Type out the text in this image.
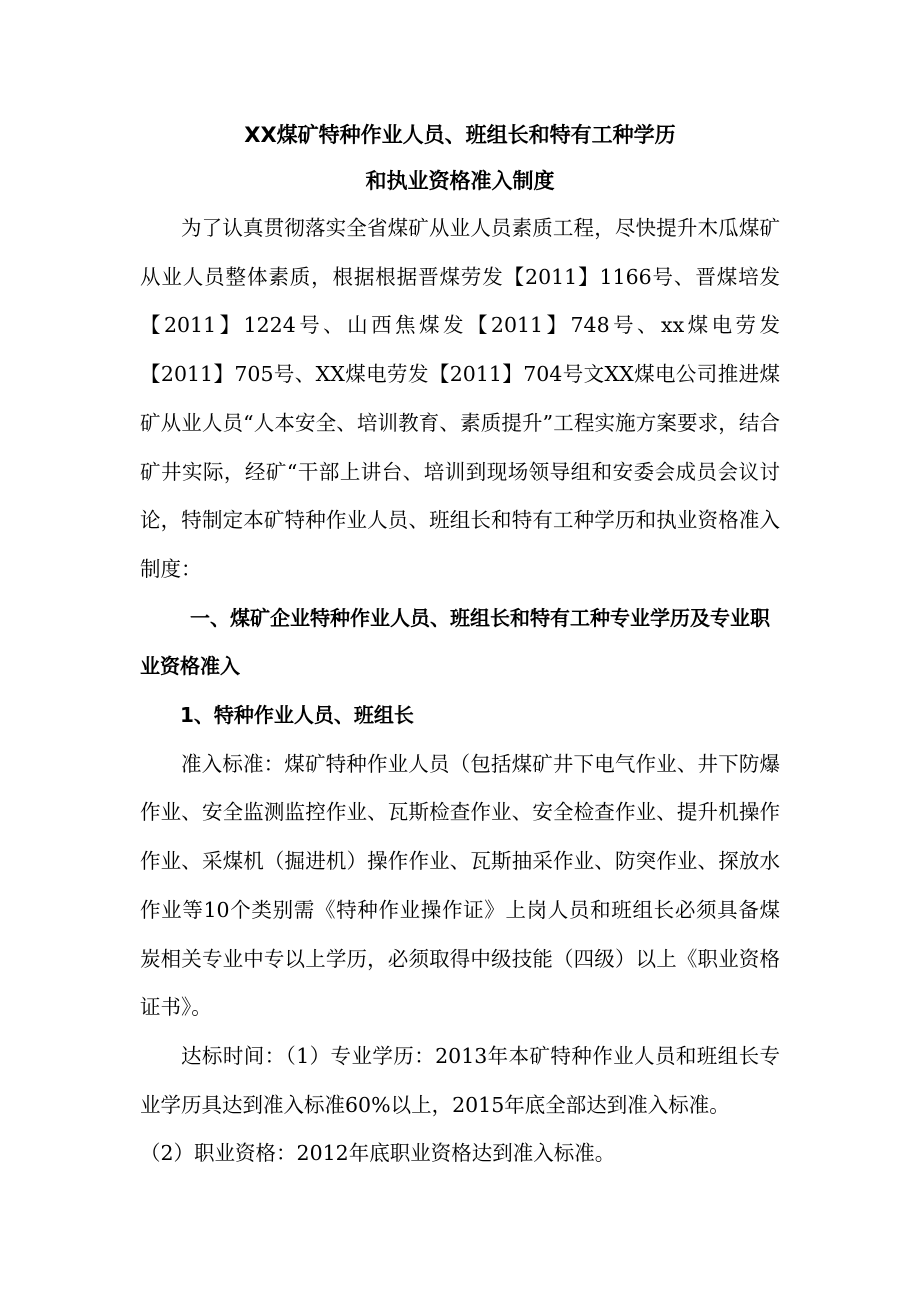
XX煤矿特种作业人员、班组长和特有工种学历
和执业资格准入制度

为了认真贯彻落实全省煤矿从业人员素质工程，尽快提升木瓜煤矿从业人员整体素质，根据根据晋煤劳发【2011】1166号、晋煤培发【2011】1224号、山西焦煤发【2011】748号、xx煤电劳发【2011】705号、XX煤电劳发【2011】704号文XX煤电公司推进煤矿从业人员“人本安全、培训教育、素质提升”工程实施方案要求，结合矿井实际，经矿“干部上讲台、培训到现场领导组和安委会成员会议讨论，特制定本矿特种作业人员、班组长和特有工种学历和执业资格准入制度：

一、煤矿企业特种作业人员、班组长和特有工种专业学历及专业职业资格准入

1、特种作业人员、班组长

准入标准：煤矿特种作业人员（包括煤矿井下电气作业、井下防爆作业、安全监测监控作业、瓦斯检查作业、安全检查作业、提升机操作作业、采煤机（掘进机）操作作业、瓦斯抽采作业、防突作业、探放水作业等10个类别需《特种作业操作证》上岗人员和班组长必须具备煤炭相关专业中专以上学历，必须取得中级技能（四级）以上《职业资格证书》。

达标时间：（1）专业学历：2013年本矿特种作业人员和班组长专业学历具达到准入标准60%以上，2015年底全部达到准入标准。

（2）职业资格：2012年底职业资格达到准入标准。
